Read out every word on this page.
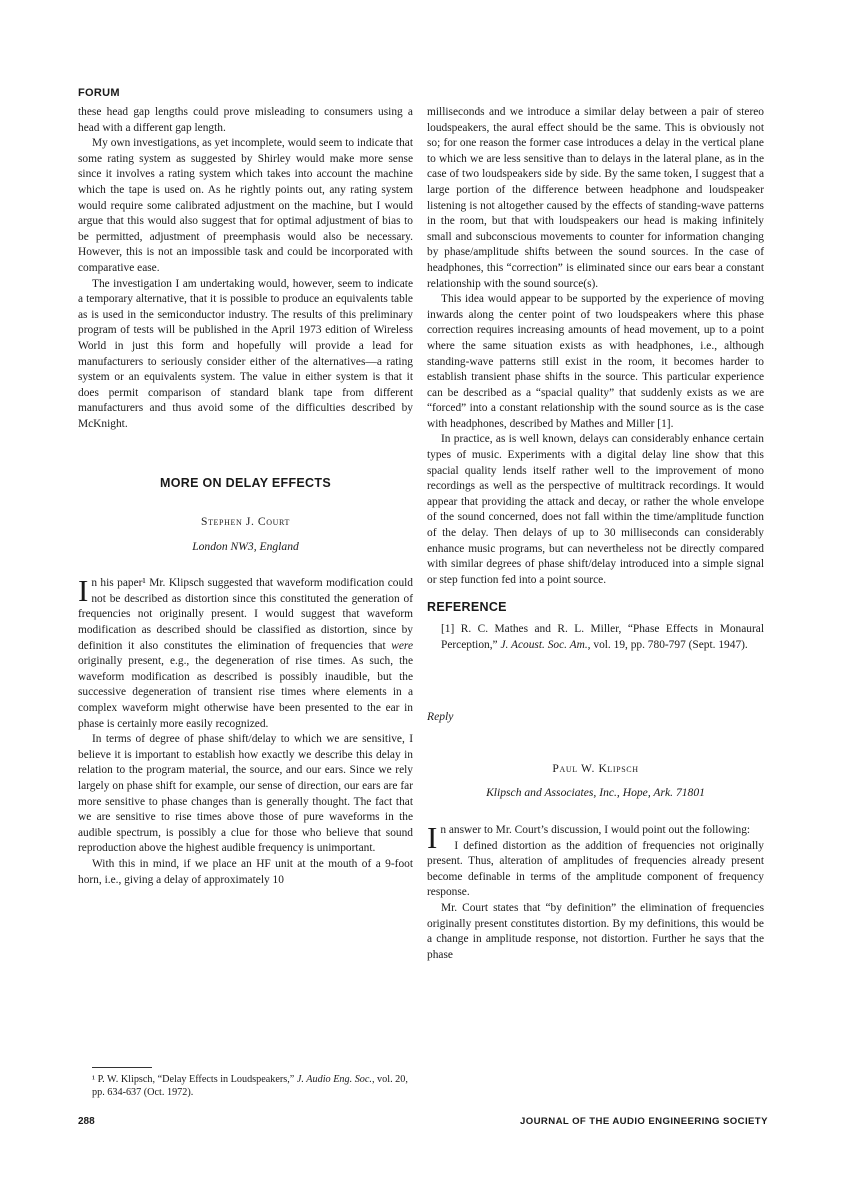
FORUM

these head gap lengths could prove misleading to consumers using a head with a different gap length.

My own investigations, as yet incomplete, would seem to indicate that some rating system as suggested by Shirley would make more sense since it involves a rating system which takes into account the machine which the tape is used on. As he rightly points out, any rating system would require some calibrated adjustment on the machine, but I would argue that this would also suggest that for optimal adjustment of bias to be permitted, adjustment of preemphasis would also be necessary. However, this is not an impossible task and could be incorporated with comparative ease.

The investigation I am undertaking would, however, seem to indicate a temporary alternative, that it is possible to produce an equivalents table as is used in the semiconductor industry. The results of this preliminary program of tests will be published in the April 1973 edition of Wireless World in just this form and hopefully will provide a lead for manufacturers to seriously consider either of the alternatives—a rating system or an equivalents system. The value in either system is that it does permit comparison of standard blank tape from different manufacturers and thus avoid some of the difficulties described by McKnight.

MORE ON DELAY EFFECTS
Stephen J. Court
London NW3, England

In his paper¹ Mr. Klipsch suggested that waveform modification could not be described as distortion since this constituted the generation of frequencies not originally present. I would suggest that waveform modification as described should be classified as distortion, since by definition it also constitutes the elimination of frequencies that were originally present, e.g., the degeneration of rise times. As such, the waveform modification as described is possibly inaudible, but the successive degeneration of transient rise times where elements in a complex waveform might otherwise have been presented to the ear in phase is certainly more easily recognized.

In terms of degree of phase shift/delay to which we are sensitive, I believe it is important to establish how exactly we describe this delay in relation to the program material, the source, and our ears. Since we rely largely on phase shift for example, our sense of direction, our ears are far more sensitive to phase changes than is generally thought. The fact that we are sensitive to rise times above those of pure waveforms in the audible spectrum, is possibly a clue for those who believe that sound reproduction above the highest audible frequency is unimportant.

With this in mind, if we place an HF unit at the mouth of a 9-foot horn, i.e., giving a delay of approximately 10

milliseconds and we introduce a similar delay between a pair of stereo loudspeakers, the aural effect should be the same. This is obviously not so; for one reason the former case introduces a delay in the vertical plane to which we are less sensitive than to delays in the lateral plane, as in the case of two loudspeakers side by side. By the same token, I suggest that a large portion of the difference between headphone and loudspeaker listening is not altogether caused by the effects of standing-wave patterns in the room, but that with loudspeakers our head is making infinitely small and subconscious movements to counter for information changing by phase/amplitude shifts between the sound sources. In the case of headphones, this “correction” is eliminated since our ears bear a constant relationship with the sound source(s).

This idea would appear to be supported by the experience of moving inwards along the center point of two loudspeakers where this phase correction requires increasing amounts of head movement, up to a point where the same situation exists as with headphones, i.e., although standing-wave patterns still exist in the room, it becomes harder to establish transient phase shifts in the source. This particular experience can be described as a “spacial quality” that suddenly exists as we are “forced” into a constant relationship with the sound source as is the case with headphones, described by Mathes and Miller [1].

In practice, as is well known, delays can considerably enhance certain types of music. Experiments with a digital delay line show that this spacial quality lends itself rather well to the improvement of mono recordings as well as the perspective of multitrack recordings. It would appear that providing the attack and decay, or rather the whole envelope of the sound concerned, does not fall within the time/amplitude function of the delay. Then delays of up to 30 milliseconds can considerably enhance music programs, but can nevertheless not be directly compared with similar degrees of phase shift/delay introduced into a simple signal or step function fed into a point source.

REFERENCE

[1] R. C. Mathes and R. L. Miller, “Phase Effects in Monaural Perception,” J. Acoust. Soc. Am., vol. 19, pp. 780-797 (Sept. 1947).

Reply
Paul W. Klipsch
Klipsch and Associates, Inc., Hope, Ark. 71801

In answer to Mr. Court’s discussion, I would point out the following:

I defined distortion as the addition of frequencies not originally present. Thus, alteration of amplitudes of frequencies already present become definable in terms of the amplitude component of frequency response.

Mr. Court states that “by definition” the elimination of frequencies originally present constitutes distortion. By my definitions, this would be a change in amplitude response, not distortion. Further he says that the phase

¹ P. W. Klipsch, “Delay Effects in Loudspeakers,” J. Audio Eng. Soc., vol. 20, pp. 634-637 (Oct. 1972).
288	JOURNAL OF THE AUDIO ENGINEERING SOCIETY
